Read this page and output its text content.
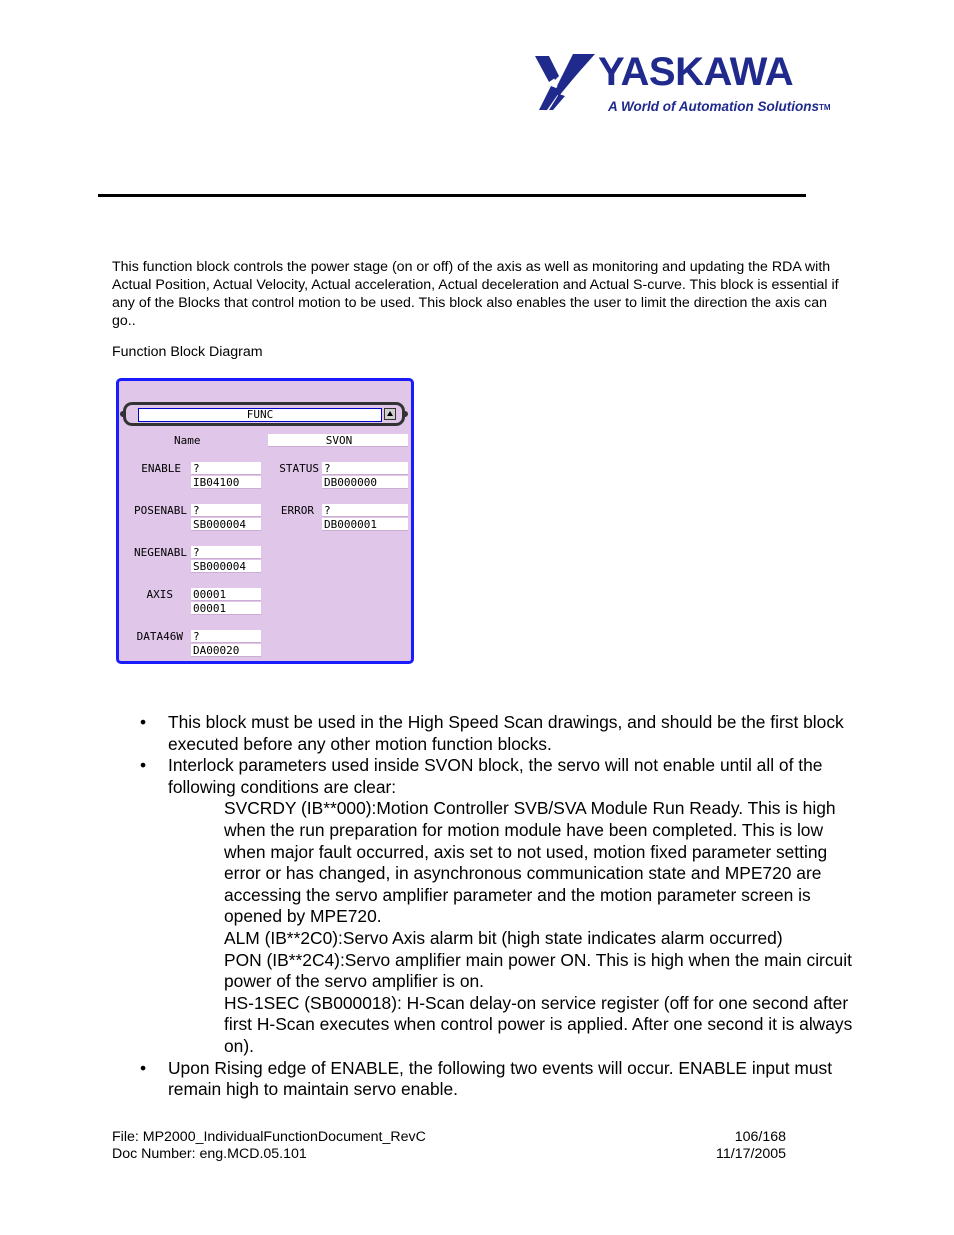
YASKAWA
A World of Automation SolutionsTM
This function block controls the power stage (on or off) of the axis as well as monitoring and updating the RDA with Actual Position, Actual Velocity, Actual acceleration, Actual deceleration and Actual S-curve. This block is essential if any of the Blocks that control motion to be used. This block also enables the user to limit the direction the axis can go..
Function Block Diagram
FUNC
Name	SVON
ENABLE ?
IB04100
POSENABL ?
SB000004
NEGENABL ?
SB000004
AXIS 00001
00001
DATA46W ?
DA00020
STATUS ?
DB000000
ERROR ?
DB000001
• This block must be used in the High Speed Scan drawings, and should be the first block executed before any other motion function blocks.
• Interlock parameters used inside SVON block, the servo will not enable until all of the following conditions are clear:
SVCRDY (IB**000):Motion Controller SVB/SVA Module Run Ready. This is high when the run preparation for motion module have been completed. This is low when major fault occurred, axis set to not used, motion fixed parameter setting error or has changed, in asynchronous communication state and MPE720 are accessing the servo amplifier parameter and the motion parameter screen is opened by MPE720.
ALM (IB**2C0):Servo Axis alarm bit (high state indicates alarm occurred)
PON (IB**2C4):Servo amplifier main power ON. This is high when the main circuit power of the servo amplifier is on.
HS-1SEC (SB000018): H-Scan delay-on service register (off for one second after first H-Scan executes when control power is applied. After one second it is always on).
• Upon Rising edge of ENABLE, the following two events will occur. ENABLE input must remain high to maintain servo enable.
File: MP2000_IndividualFunctionDocument_RevC
Doc Number: eng.MCD.05.101
106/168
11/17/2005
